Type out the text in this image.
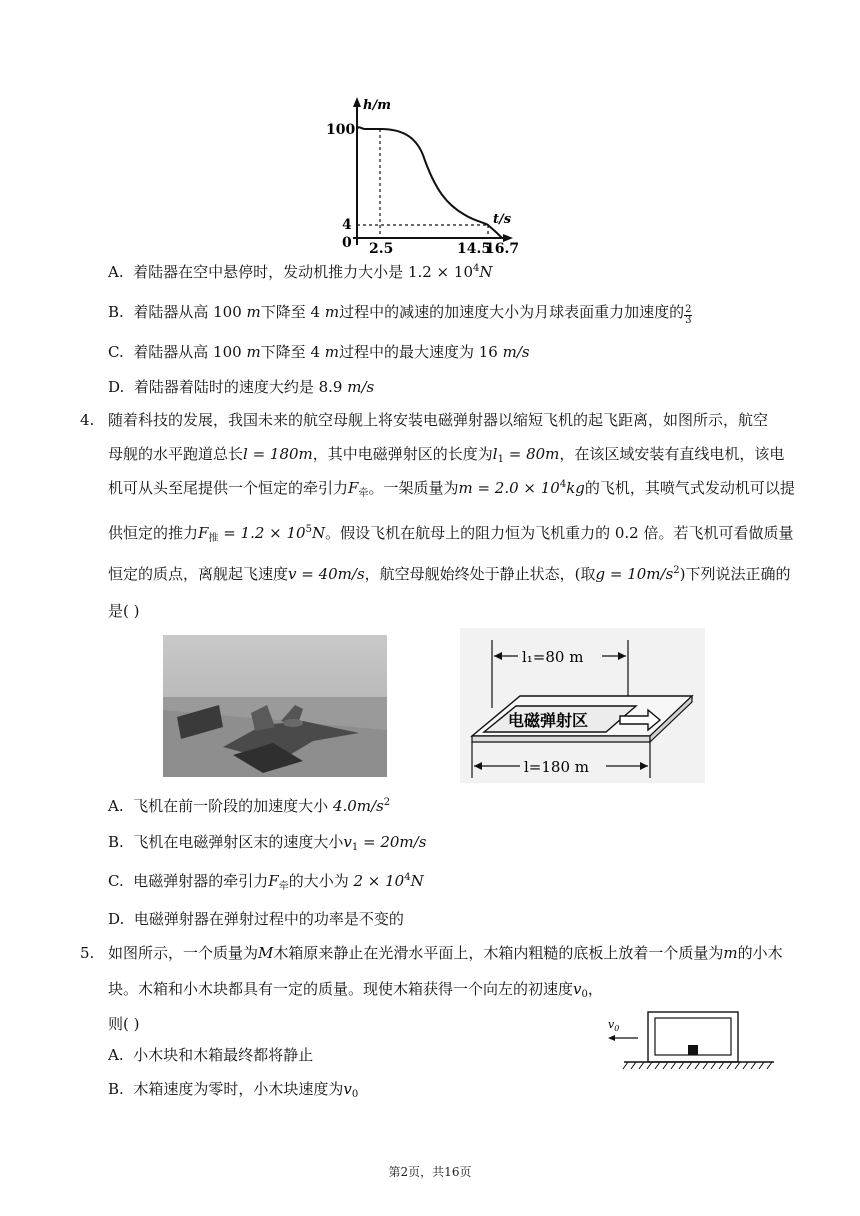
h/m
t/s
100
4
0 2.5	14.5
16.7
A. 着陆器在空中悬停时，发动机推力大小是 $1.2 \times 10^4N$
B. 着陆器从高 100 m下降至 4 m过程中的减速的加速度大小为月球表面重力加速度的 $\frac{2}{3}$
C. 着陆器从高 100 m下降至 4 m过程中的最大速度为 16 m/s
D. 着陆器着陆时的速度大约是 8.9 m/s
4. 随着科技的发展，我国未来的航空母舰上将安装电磁弹射器以缩短飞机的起飞距离，如图所示，航空
母舰的水平跑道总长l = 180m，其中电磁弹射区的长度为$l_1 = 80m$，在该区域安装有直线电机，该电
机可从头至尾提供一个恒定的牵引力$F_牵$。一架质量为$m = 2.0 \times 10^4kg$的飞机，其喷气式发动机可以提
供恒定的推力$F_推 = 1.2 \times 10^5N$。假设飞机在航母上的阻力恒为飞机重力的 0.2 倍。若飞机可看做质量
恒定的质点，离舰起飞速度v = 40m/s，航空母舰始终处于静止状态，(取$g = 10m/s^2$)下列说法正确的
是( )
l₁=80 m
电磁弹射区
l=180 m
A. 飞机在前一阶段的加速度大小 $4.0m/s^2$
B. 飞机在电磁弹射区末的速度大小$v_1 = 20m/s$
C. 电磁弹射器的牵引力$F_牵$的大小为 $2 \times 10^4N$
D. 电磁弹射器在弹射过程中的功率是不变的
5. 如图所示，一个质量为M木箱原来静止在光滑水平面上，木箱内粗糙的底板上放着一个质量为m的小木
块。木箱和小木块都具有一定的质量。现使木箱获得一个向左的初速度$v_0$，
则( )	$v_0$
A. 小木块和木箱最终都将静止
B. 木箱速度为零时，小木块速度为$v_0$
第2页，共16页
